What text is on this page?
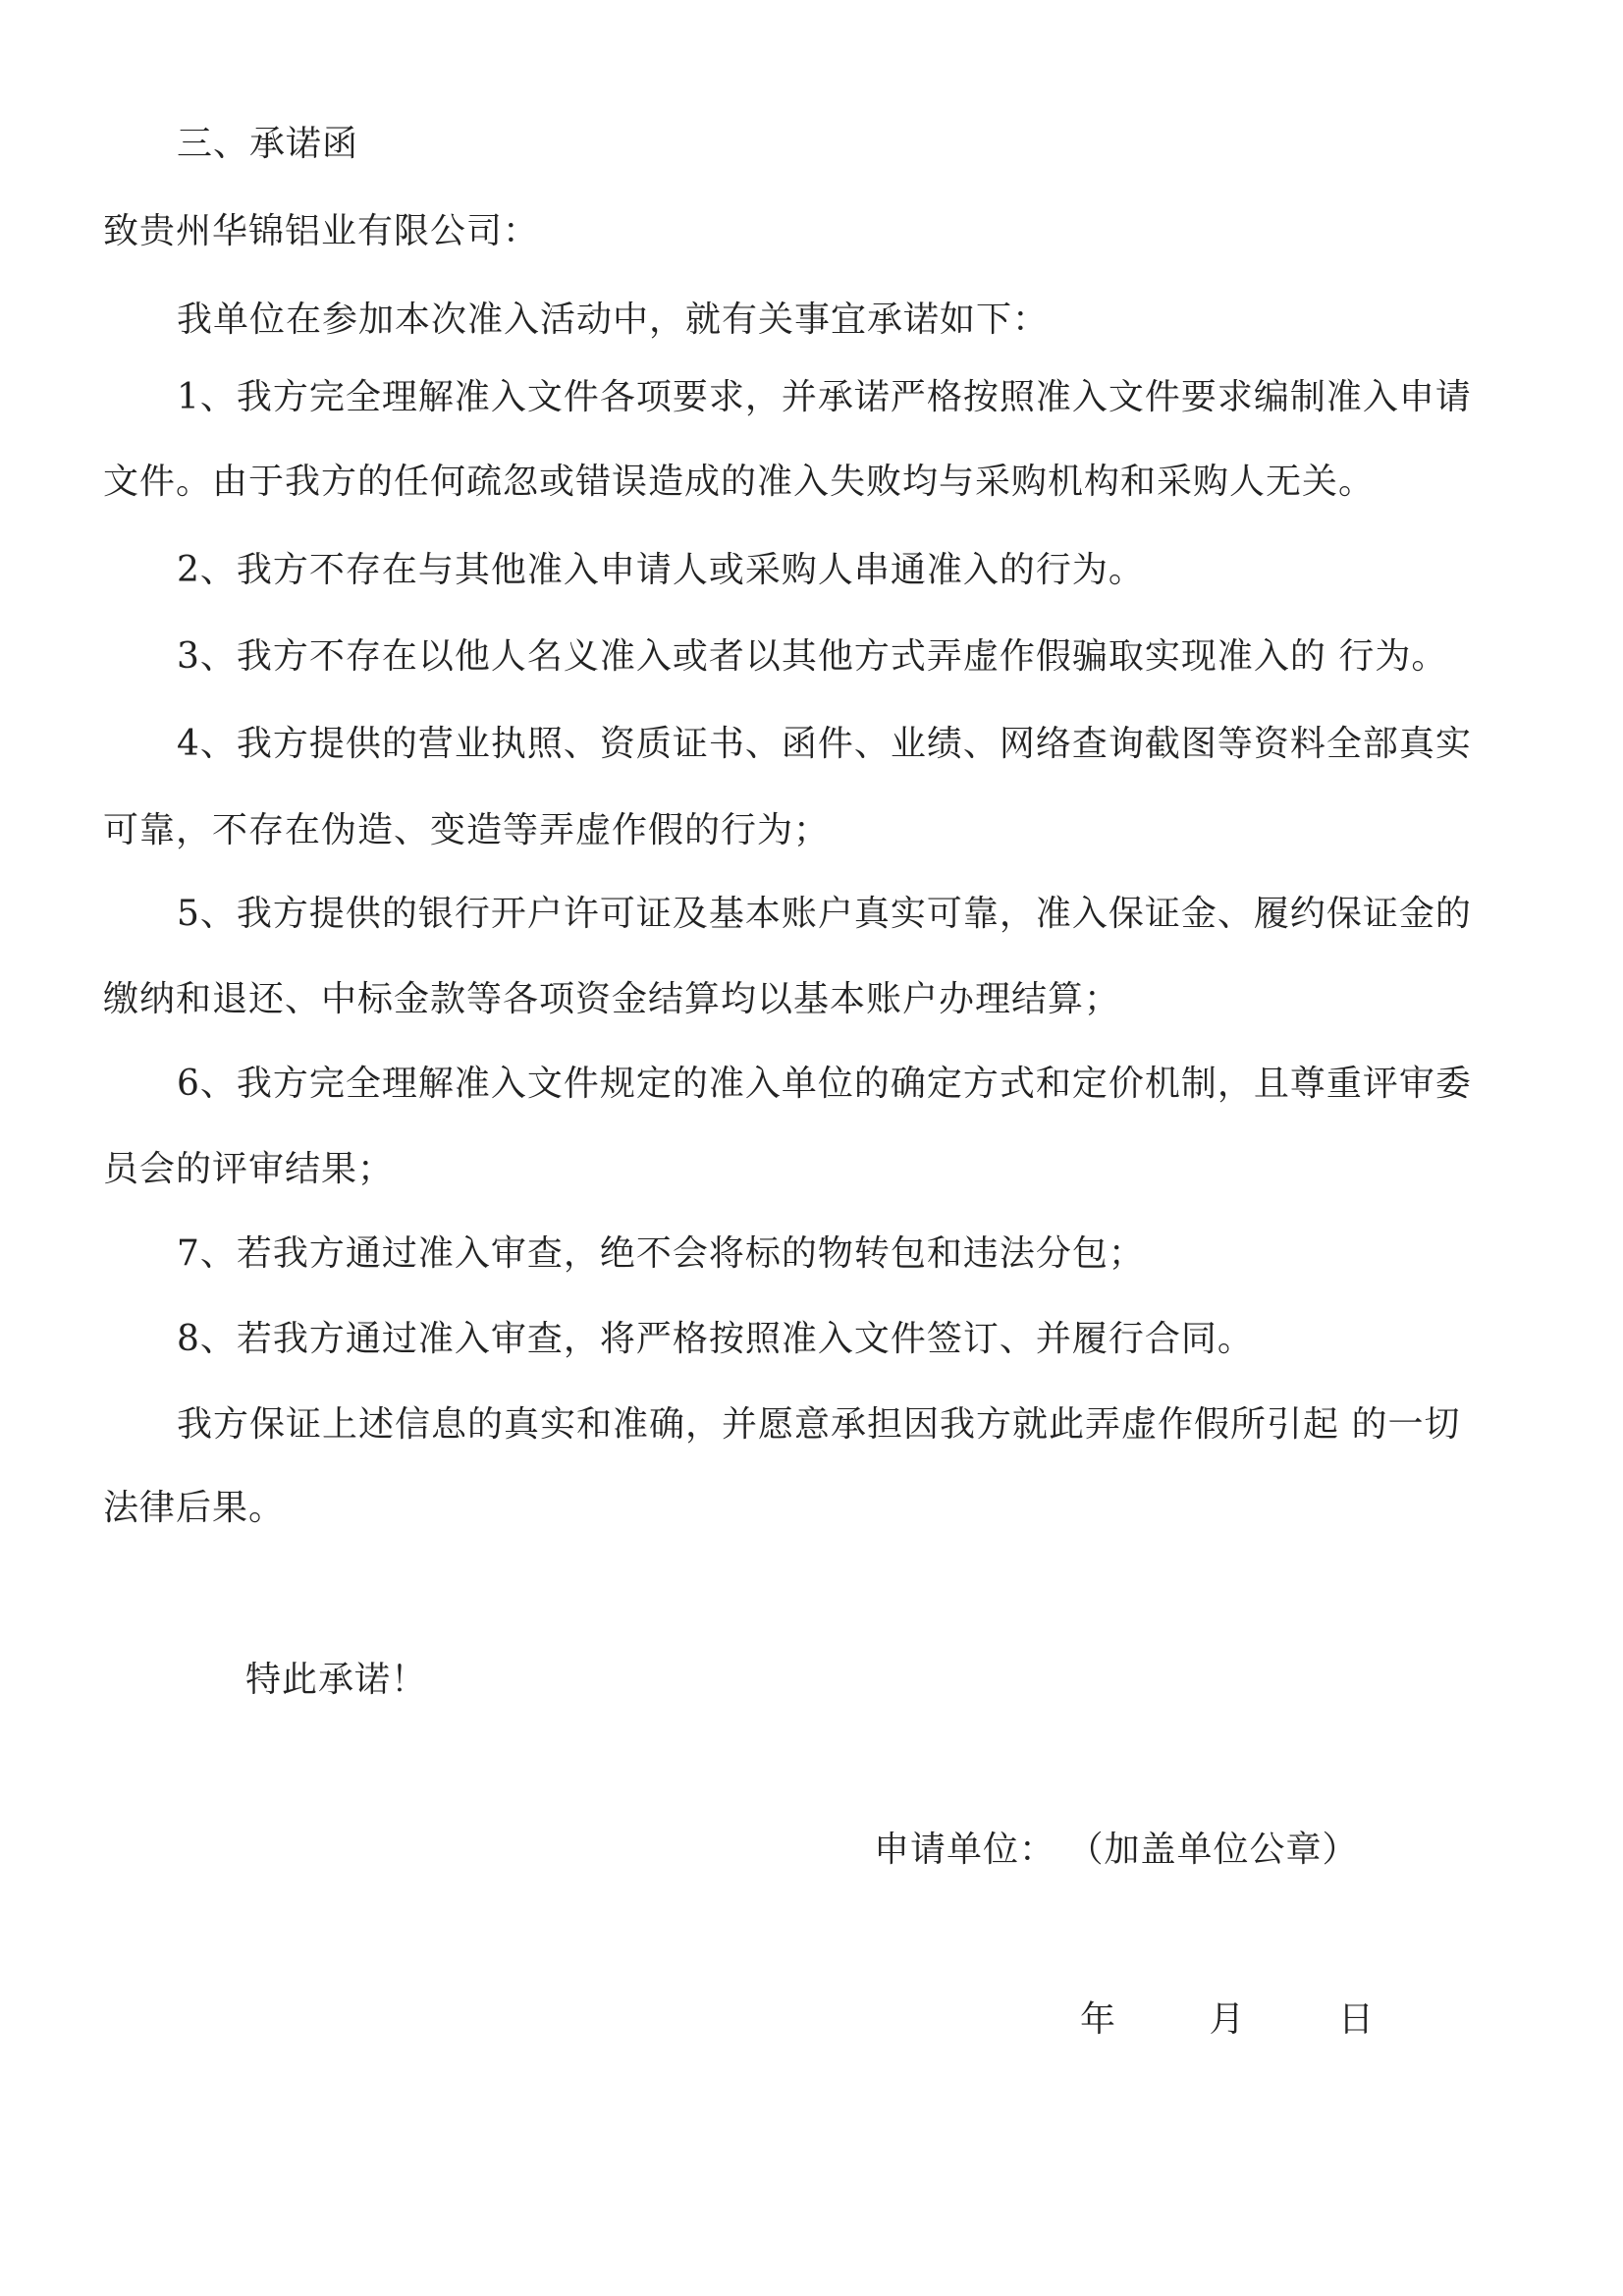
三、承诺函
致贵州华锦铝业有限公司：
我单位在参加本次准入活动中，就有关事宜承诺如下：
1、我方完全理解准入文件各项要求，并承诺严格按照准入文件要求编制准入申请
文件。由于我方的任何疏忽或错误造成的准入失败均与采购机构和采购人无关。
2、我方不存在与其他准入申请人或采购人串通准入的行为。
3、我方不存在以他人名义准入或者以其他方式弄虚作假骗取实现准入的 行为。
4、我方提供的营业执照、资质证书、函件、业绩、网络查询截图等资料全部真实
可靠，不存在伪造、变造等弄虚作假的行为；
5、我方提供的银行开户许可证及基本账户真实可靠，准入保证金、履约保证金的
缴纳和退还、中标金款等各项资金结算均以基本账户办理结算；
6、我方完全理解准入文件规定的准入单位的确定方式和定价机制，且尊重评审委
员会的评审结果；
7、若我方通过准入审查，绝不会将标的物转包和违法分包；
8、若我方通过准入审查，将严格按照准入文件签订、并履行合同。
我方保证上述信息的真实和准确，并愿意承担因我方就此弄虚作假所引起 的一切
法律后果。
特此承诺！
申请单位： （加盖单位公章）
年	月	日
